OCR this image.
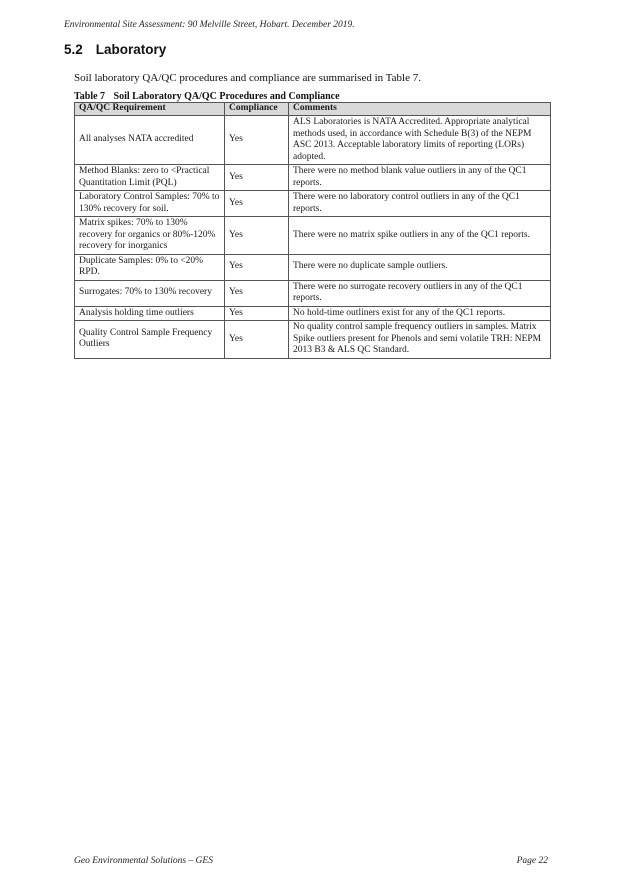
Environmental Site Assessment: 90 Melville Street, Hobart. December 2019.
5.2 Laboratory
Soil laboratory QA/QC procedures and compliance are summarised in Table 7.
Table 7 Soil Laboratory QA/QC Procedures and Compliance
QA/QC Requirement	Compliance	Comments
All analyses NATA accredited	Yes	ALS Laboratories is NATA Accredited. Appropriate analytical methods used, in accordance with Schedule B(3) of the NEPM ASC 2013. Acceptable laboratory limits of reporting (LORs) adopted.
Method Blanks: zero to <Practical Quantitation Limit (PQL)	Yes	There were no method blank value outliers in any of the QC1 reports.
Laboratory Control Samples: 70% to 130% recovery for soil.	Yes	There were no laboratory control outliers in any of the QC1 reports.
Matrix spikes: 70% to 130% recovery for organics or 80%-120% recovery for inorganics	Yes	There were no matrix spike outliers in any of the QC1 reports.
Duplicate Samples: 0% to <20% RPD.	Yes	There were no duplicate sample outliers.
Surrogates: 70% to 130% recovery	Yes	There were no surrogate recovery outliers in any of the QC1 reports.
Analysis holding time outliers	Yes	No hold-time outliners exist for any of the QC1 reports.
Quality Control Sample Frequency Outliers	Yes	No quality control sample frequency outliers in samples. Matrix Spike outliers present for Phenols and semi volatile TRH: NEPM 2013 B3 & ALS QC Standard.
Geo Environmental Solutions – GES	Page 22
